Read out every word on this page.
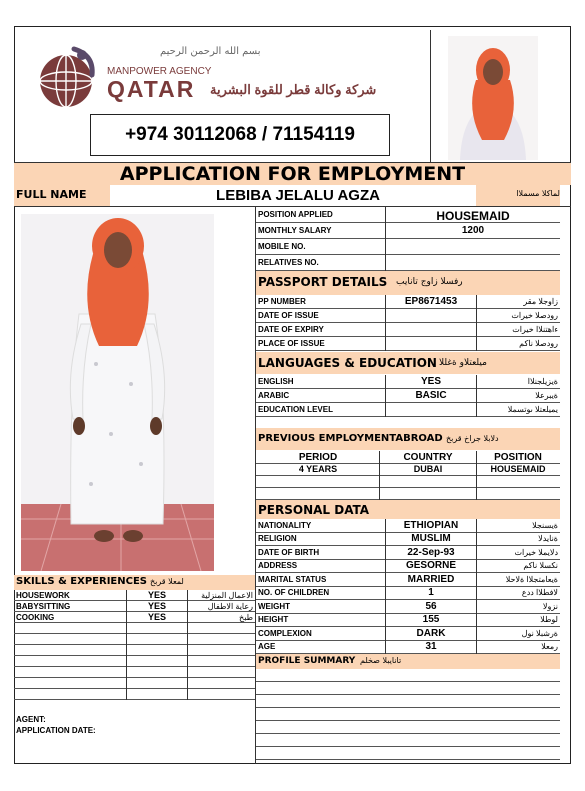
بسم الله الرحمن الرحيم
MANPOWER AGENCY
QATAR شركة وكالة قطر للقوة البشرية
+974 30112068 / 71154119
APPLICATION FOR EMPLOYMENT
FULL NAME	LEBIBA JELALU AGZA	لماكلا مسملاا
POSITION APPLIED	HOUSEMAID
MONTHLY SALARY	1200
MOBILE NO.
RELATIVES NO.
PASSPORT DETAILS رفسلا زاوج تانايب
PP NUMBER	EP8671453	زاوجلا مقر
DATE OF ISSUE	رودصلا خيرات
DATE OF EXPIRY	ءاهتنلاا خيرات
PLACE OF ISSUE	رودصلا ناكم
LANGUAGES & EDUCATION ميلعتلاو ةغللا
ENGLISH	YES	ةيزيلجنلاا
ARABIC	BASIC	ةيبرعلا
EDUCATION LEVEL	يميلعتلا ىوتسملا
PREVIOUS EMPLOYMENTABROAD دلابلا جراخ قربخ
PERIOD	COUNTRY	POSITION
4 YEARS	DUBAI	HOUSEMAID
PERSONAL DATA
NATIONALITY	ETHIOPIAN	ةيسنجلا
RELIGION	MUSLIM	ةنايدلا
DATE OF BIRTH	22-Sep-93	دلايملا خيرات
ADDRESS	GESORNE	نكسلا ناكم
MARITAL STATUS	MARRIED	ةيعامتجلاا ةلاحلا
NO. OF CHILDREN	1	لافطلاا ددع
WEIGHT	56	نزولا
HEIGHT	155	لوطلا
COMPLEXION	DARK	ةرشبلا نول
AGE	31	رمعلا
SKILLS & EXPERIENCES لمعلا قربخ
HOUSEWORK	YES	الاعمال المنزلية
BABYSITTING	YES	رعاية الاطفال
COOKING	YES	طبخ
PROFILE SUMMARY تانايبلا صخلم
AGENT:
APPLICATION DATE:
